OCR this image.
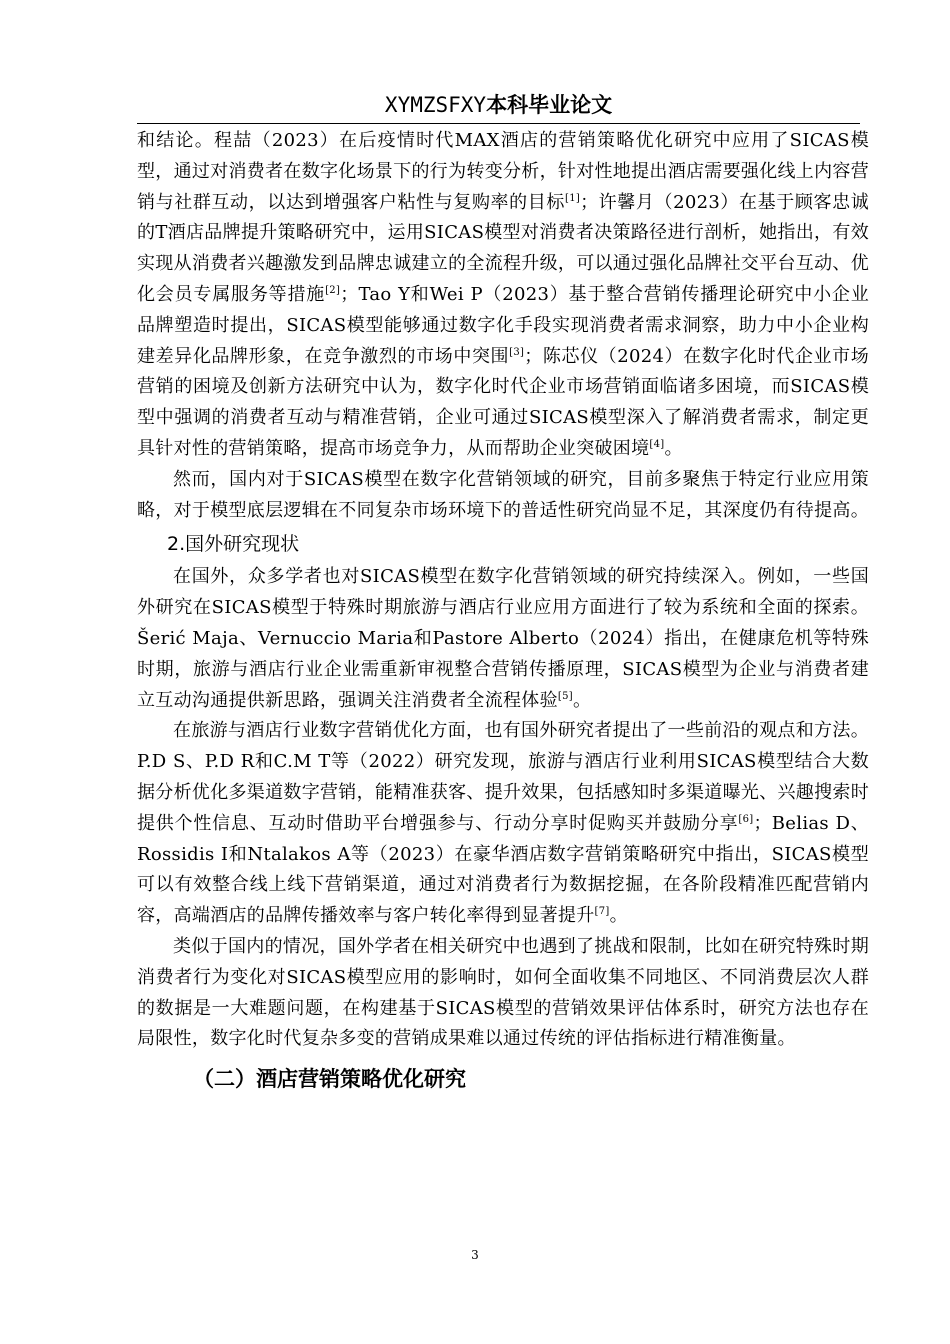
XYMZSFXY本科毕业论文

和结论。程喆（2023）在后疫情时代MAX酒店的营销策略优化研究中应用了SICAS模型，通过对消费者在数字化场景下的行为转变分析，针对性地提出酒店需要强化线上内容营销与社群互动，以达到增强客户粘性与复购率的目标[1]；许馨月（2023）在基于顾客忠诚的T酒店品牌提升策略研究中，运用SICAS模型对消费者决策路径进行剖析，她指出，有效实现从消费者兴趣激发到品牌忠诚建立的全流程升级，可以通过强化品牌社交平台互动、优化会员专属服务等措施[2]；Tao Y和Wei P（2023）基于整合营销传播理论研究中小企业品牌塑造时提出，SICAS模型能够通过数字化手段实现消费者需求洞察，助力中小企业构建差异化品牌形象，在竞争激烈的市场中突围[3]；陈芯仪（2024）在数字化时代企业市场营销的困境及创新方法研究中认为，数字化时代企业市场营销面临诸多困境，而SICAS模型中强调的消费者互动与精准营销，企业可通过SICAS模型深入了解消费者需求，制定更具针对性的营销策略，提高市场竞争力，从而帮助企业突破困境[4]。

然而，国内对于SICAS模型在数字化营销领域的研究，目前多聚焦于特定行业应用策略，对于模型底层逻辑在不同复杂市场环境下的普适性研究尚显不足，其深度仍有待提高。

2.国外研究现状

在国外，众多学者也对SICAS模型在数字化营销领域的研究持续深入。例如，一些国外研究在SICAS模型于特殊时期旅游与酒店行业应用方面进行了较为系统和全面的探索。Šerić Maja、Vernuccio Maria和Pastore Alberto（2024）指出，在健康危机等特殊时期，旅游与酒店行业企业需重新审视整合营销传播原理，SICAS模型为企业与消费者建立互动沟通提供新思路，强调关注消费者全流程体验[5]。

在旅游与酒店行业数字营销优化方面，也有国外研究者提出了一些前沿的观点和方法。P.D S、P.D R和C.M T等（2022）研究发现，旅游与酒店行业利用SICAS模型结合大数据分析优化多渠道数字营销，能精准获客、提升效果，包括感知时多渠道曝光、兴趣搜索时提供个性信息、互动时借助平台增强参与、行动分享时促购买并鼓励分享[6]；Belias D、Rossidis I和Ntalakos A等（2023）在豪华酒店数字营销策略研究中指出，SICAS模型可以有效整合线上线下营销渠道，通过对消费者行为数据挖掘，在各阶段精准匹配营销内容，高端酒店的品牌传播效率与客户转化率得到显著提升[7]。

类似于国内的情况，国外学者在相关研究中也遇到了挑战和限制，比如在研究特殊时期消费者行为变化对SICAS模型应用的影响时，如何全面收集不同地区、不同消费层次人群的数据是一大难题问题，在构建基于SICAS模型的营销效果评估体系时，研究方法也存在局限性，数字化时代复杂多变的营销成果难以通过传统的评估指标进行精准衡量。

（二）酒店营销策略优化研究
3
